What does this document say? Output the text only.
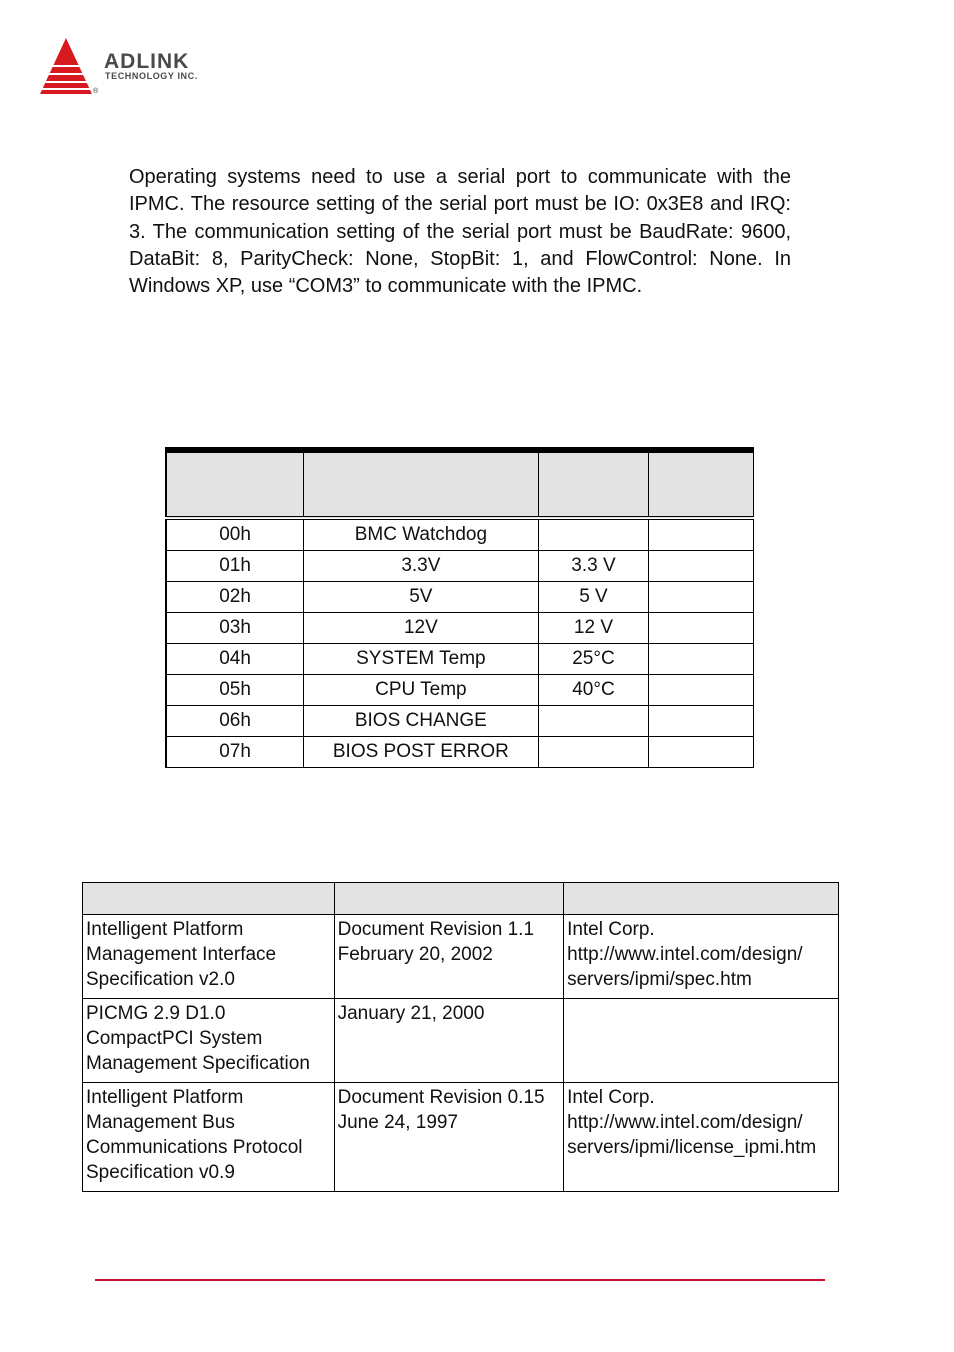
ADLINK
TECHNOLOGY INC.
®

Operating systems need to use a serial port to communicate with the IPMC. The resource setting of the serial port must be IO: 0x3E8 and IRQ: 3. The communication setting of the serial port must be BaudRate: 9600, DataBit: 8, ParityCheck: None, StopBit: 1, and FlowControl: None. In Windows XP, use “COM3” to communicate with the IPMC.

00h	BMC Watchdog		
01h	3.3V	3.3 V	
02h	5V	5 V	
03h	12V	12 V	
04h	SYSTEM Temp	25°C	
05h	CPU Temp	40°C	
06h	BIOS CHANGE		
07h	BIOS POST ERROR		

Intelligent Platform Management Interface Specification v2.0	Document Revision 1.1 February 20, 2002	Intel Corp. http://www.intel.com/design/ servers/ipmi/spec.htm
PICMG 2.9 D1.0 CompactPCI System Management Specification	January 21, 2000	
Intelligent Platform Management Bus Communications Protocol Specification v0.9	Document Revision 0.15 June 24, 1997	Intel Corp. http://www.intel.com/design/ servers/ipmi/license_ipmi.htm
